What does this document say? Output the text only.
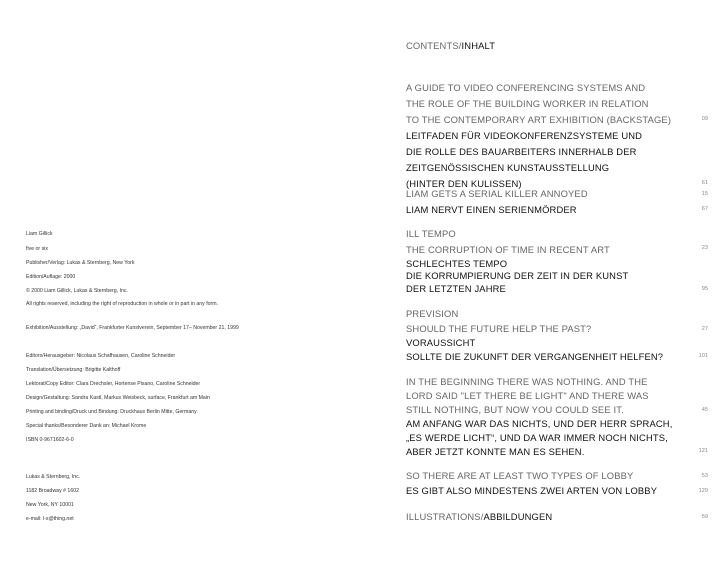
Liam Gillick
five or six
Publisher/Verlag: Lukas & Sternberg, New York
Edition/Auflage: 2000
© 2000 Liam Gillick, Lukas & Sternberg, Inc.
All rights reserved, including the right of reproduction in whole or in part in any form.
Exhibition/Ausstellung: „David“, Frankfurter Kunstverein, September 17– November 21, 1999
Editors/Herausgeber: Nicolaus Schafhausen, Caroline Schneider
Translation/Übersetzung: Brigitte Kalthoff
Lektorat/Copy Editor: Clara Drechsler, Hortense Pisano, Caroline Schneider
Design/Gestaltung: Sandra Kastl, Markus Weisbeck, surface, Frankfurt am Main
Printing and binding/Druck und Bindung: Druckhaus Berlin Mitte, Germany
Special thanks/Besonderer Dank an: Michael Krome
ISBN 0-9671602-6-0
Lukas & Sternberg, Inc.
1182 Broadway # 1602
New York, NY 10001
e-mail: l-s@thing.net
CONTENTS/INHALT
A GUIDE TO VIDEO CONFERENCING SYSTEMS AND
THE ROLE OF THE BUILDING WORKER IN RELATION
TO THE CONTEMPORARY ART EXHIBITION (BACKSTAGE)	09
LEITFADEN FÜR VIDEOKONFERENZSYSTEME UND
DIE ROLLE DES BAUARBEITERS INNERHALB DER
ZEITGENÖSSISCHEN KUNSTAUSSTELLUNG
(HINTER DEN KULISSEN)	61
LIAM GETS A SERIAL KILLER ANNOYED	15
LIAM NERVT EINEN SERIENMÖRDER	67
ILL TEMPO
THE CORRUPTION OF TIME IN RECENT ART	23
SCHLECHTES TEMPO
DIE KORRUMPIERUNG DER ZEIT IN DER KUNST
DER LETZTEN JAHRE	95
PREVISION
SHOULD THE FUTURE HELP THE PAST?	27
VORAUSSICHT
SOLLTE DIE ZUKUNFT DER VERGANGENHEIT HELFEN?	101
IN THE BEGINNING THERE WAS NOTHING. AND THE
LORD SAID "LET THERE BE LIGHT" AND THERE WAS
STILL NOTHING, BUT NOW YOU COULD SEE IT.	45
AM ANFANG WAR DAS NICHTS, UND DER HERR SPRACH,
„ES WERDE LICHT“, UND DA WAR IMMER NOCH NICHTS,
ABER JETZT KONNTE MAN ES SEHEN.	121
SO THERE ARE AT LEAST TWO TYPES OF LOBBY	53
ES GIBT ALSO MINDESTENS ZWEI ARTEN VON LOBBY	129
ILLUSTRATIONS/ABBILDUNGEN	59
